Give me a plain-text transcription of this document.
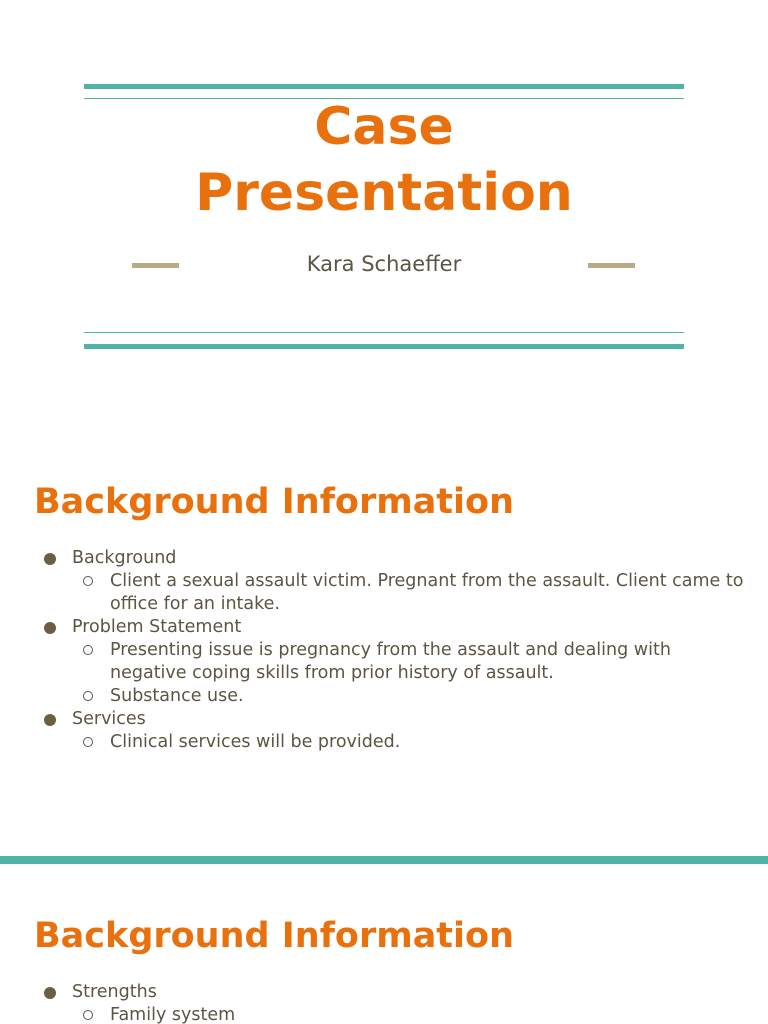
Case
Presentation
Kara Schaeffer
Background Information
Background
Client a sexual assault victim. Pregnant from the assault. Client came to office for an intake.
Problem Statement
Presenting issue is pregnancy from the assault and dealing with negative coping skills from prior history of assault.
Substance use.
Services
Clinical services will be provided.
Background Information
Strengths
Family system
